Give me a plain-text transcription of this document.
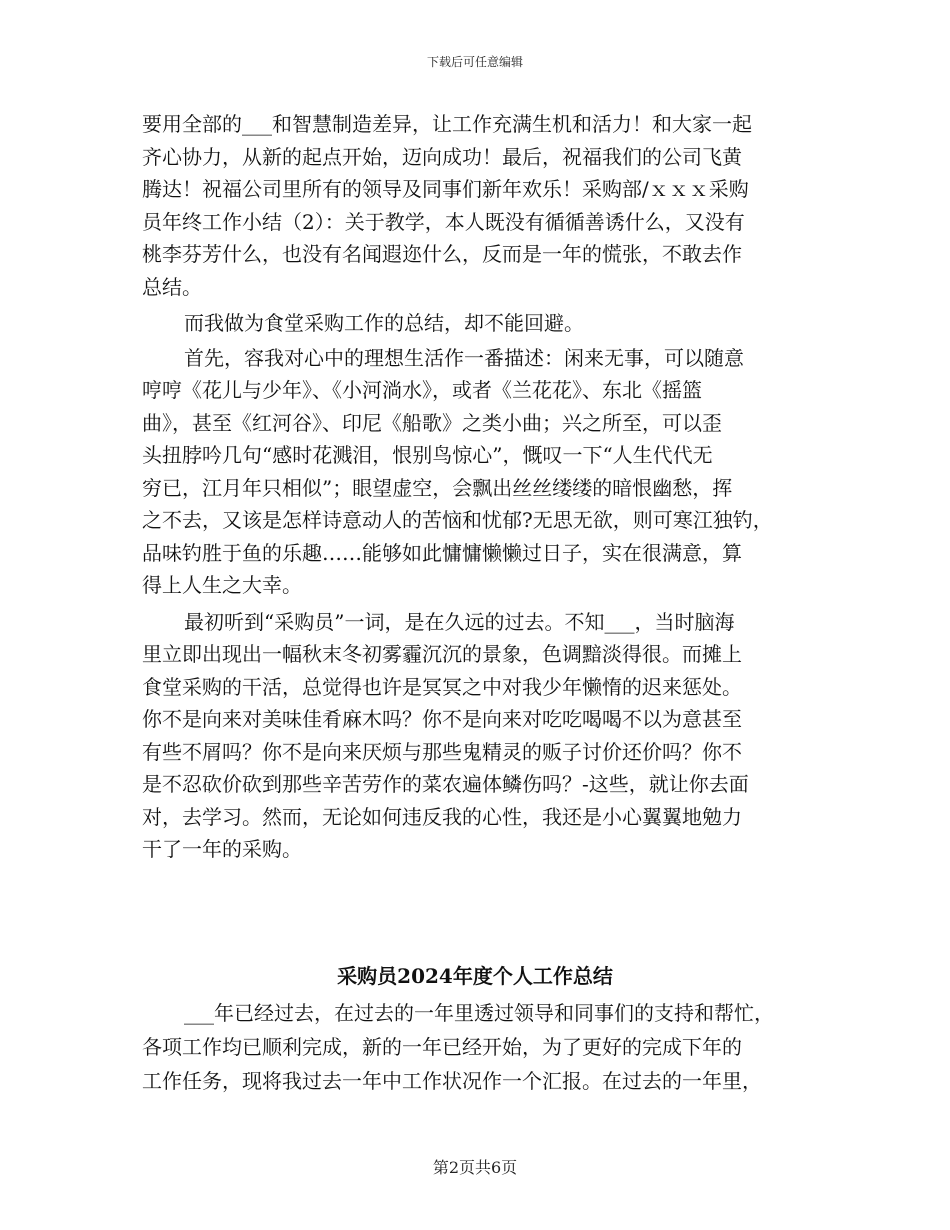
下载后可任意编辑
要用全部的___和智慧制造差异，让工作充满生机和活力！和大家一起
齐心协力，从新的起点开始，迈向成功！最后，祝福我们的公司飞黄
腾达！祝福公司里所有的领导及同事们新年欢乐！采购部/ｘｘｘ采购
员年终工作小结（2）：关于教学，本人既没有循循善诱什么，又没有
桃李芬芳什么，也没有名闻遐迩什么，反而是一年的慌张，不敢去作
总结。
而我做为食堂采购工作的总结，却不能回避。
首先，容我对心中的理想生活作一番描述：闲来无事，可以随意
哼哼《花儿与少年》、《小河淌水》，或者《兰花花》、东北《摇篮
曲》，甚至《红河谷》、印尼《船歌》之类小曲；兴之所至，可以歪
头扭脖吟几句“感时花溅泪，恨别鸟惊心”，慨叹一下“人生代代无
穷已，江月年只相似”；眼望虚空，会飘出丝丝缕缕的暗恨幽愁，挥
之不去，又该是怎样诗意动人的苦恼和忧郁?无思无欲，则可寒江独钓，
品味钓胜于鱼的乐趣……能够如此慵慵懒懒过日子，实在很满意，算
得上人生之大幸。
最初听到“采购员”一词，是在久远的过去。不知___，当时脑海
里立即出现出一幅秋末冬初雾霾沉沉的景象，色调黯淡得很。而摊上
食堂采购的干活，总觉得也许是冥冥之中对我少年懒惰的迟来惩处。
你不是向来对美味佳肴麻木吗？你不是向来对吃吃喝喝不以为意甚至
有些不屑吗？你不是向来厌烦与那些鬼精灵的贩子讨价还价吗？你不
是不忍砍价砍到那些辛苦劳作的菜农遍体鳞伤吗？-这些，就让你去面
对，去学习。然而，无论如何违反我的心性，我还是小心翼翼地勉力
干了一年的采购。
采购员2024年度个人工作总结
___年已经过去，在过去的一年里透过领导和同事们的支持和帮忙，
各项工作均已顺利完成，新的一年已经开始，为了更好的完成下年的
工作任务，现将我过去一年中工作状况作一个汇报。在过去的一年里，
第2页共6页
